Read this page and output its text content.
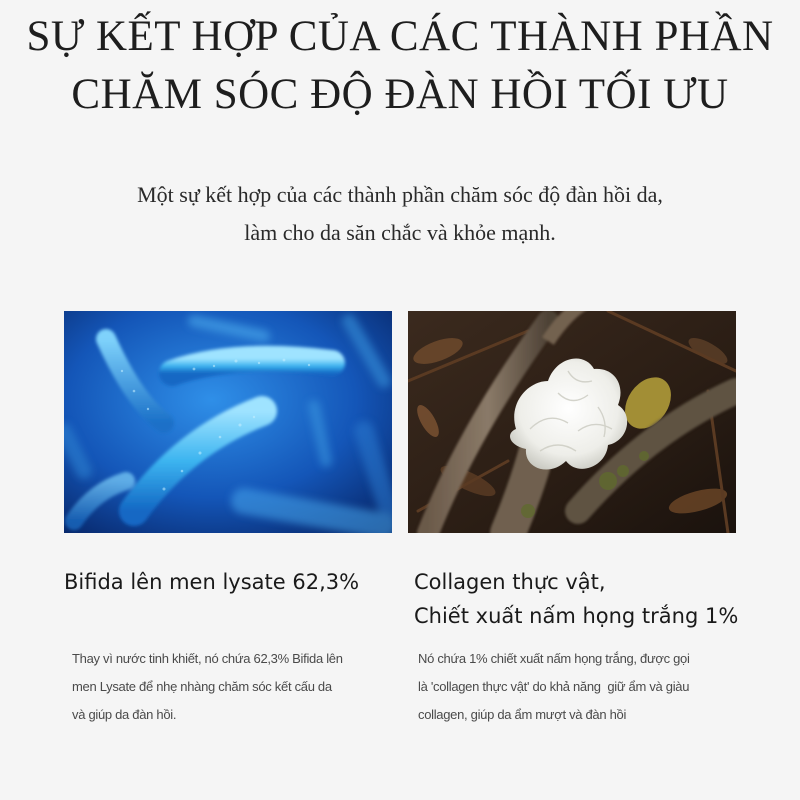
SỰ KẾT HỢP CỦA CÁC THÀNH PHẦN
CHĂM SÓC ĐỘ ĐÀN HỒI TỐI ƯU
Một sự kết hợp của các thành phần chăm sóc độ đàn hồi da,
làm cho da săn chắc và khỏe mạnh.
Bifida lên men lysate 62,3%	Collagen thực vật,
Chiết xuất nấm họng trắng 1%
Thay vì nước tinh khiết, nó chứa 62,3% Bifida lên
men Lysate để nhẹ nhàng chăm sóc kết cấu da
và giúp da đàn hồi.
Nó chứa 1% chiết xuất nấm họng trắng, được gọi
là 'collagen thực vật' do khả năng  giữ ẩm và giàu
collagen, giúp da ẩm mượt và đàn hồi
